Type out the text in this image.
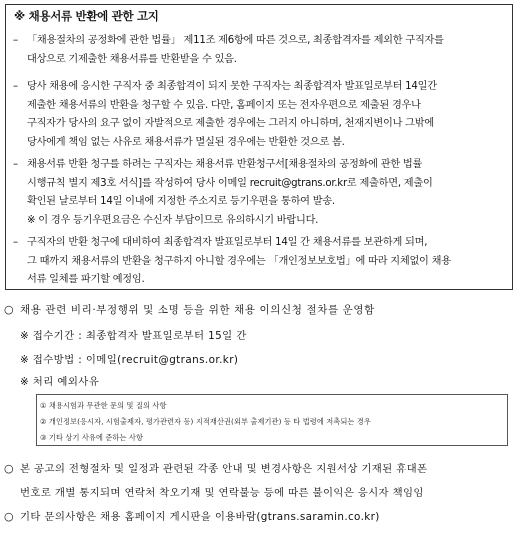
※ 채용서류 반환에 관한 고지
– 「채용절차의 공정화에 관한 법률」 제11조 제6항에 따른 것으로, 최종합격자를 제외한 구직자를
대상으로 기제출한 채용서류를 반환받을 수 있음.
– 당사 채용에 응시한 구직자 중 최종합격이 되지 못한 구직자는 최종합격자 발표일로부터 14일간
제출한 채용서류의 반환을 청구할 수 있음. 다만, 홈페이지 또는 전자우편으로 제출된 경우나
구직자가 당사의 요구 없이 자발적으로 제출한 경우에는 그러지 아니하며, 천재지변이나 그밖에
당사에게 책임 없는 사유로 채용서류가 멸실된 경우에는 반환한 것으로 봄.
– 채용서류 반환 청구를 하려는 구직자는 채용서류 반환청구서[채용절차의 공정화에 관한 법률
시행규칙 별지 제3호 서식]를 작성하여 당사 이메일 recruit@gtrans.or.kr로 제출하면, 제출이
확인된 날로부터 14일 이내에 지정한 주소지로 등기우편을 통하여 발송.
※ 이 경우 등기우편요금은 수신자 부담이므로 유의하시기 바랍니다.
– 구직자의 반환 청구에 대비하여 최종합격자 발표일로부터 14일 간 채용서류를 보관하게 되며,
그 때까지 채용서류의 반환을 청구하지 아니할 경우에는 「개인정보보호법」에 따라 지체없이 채용
서류 일체를 파기할 예정임.
○ 채용 관련 비리·부정행위 및 소명 등을 위한 채용 이의신청 절차를 운영함
※ 접수기간 : 최종합격자 발표일로부터 15일 간
※ 접수방법 : 이메일(recruit@gtrans.or.kr)
※ 처리 예외사유
① 채용시험과 무관한 문의 및 질의 사항
② 개인정보(응시자, 시험출제자, 평가관련자 등) 지적재산권(외부 출제기관) 등 타 법령에 저촉되는 경우
③ 기타 상기 사유에 준하는 사항
○ 본 공고의 전형절차 및 일정과 관련된 각종 안내 및 변경사항은 지원서상 기재된 휴대폰
번호로 개별 통지되며 연락처 착오기재 및 연락불능 등에 따른 불이익은 응시자 책임임
○ 기타 문의사항은 채용 홈페이지 게시판을 이용바람(gtrans.saramin.co.kr)
